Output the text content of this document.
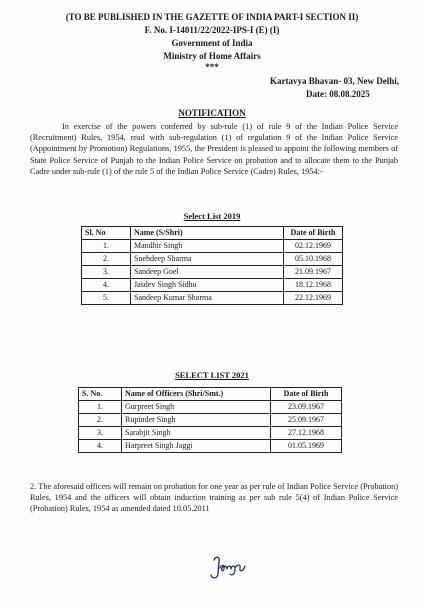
(TO BE PUBLISHED IN THE GAZETTE OF INDIA PART-I SECTION II)
F. No. I-14011/22/2022-IPS-I (E) (I)
Government of India
Ministry of Home Affairs
***
Kartavya Bhavan- 03, New Delhi,
Date: 08.08.2025
NOTIFICATION

In exercise of the powers conferred by sub-rule (1) of rule 9 of the Indian Police Service (Recruitment) Rules, 1954, read with sub-regulation (1) of regulation 9 of the Indian Police Service (Appointment by Promotion) Regulations, 1955, the President is pleased to appoint the following members of State Police Service of Punjab to the Indian Police Service on probation and to allocate them to the Punjab Cadre under sub-rule (1) of the rule 5 of the Indian Police Service (Cadre) Rules, 1954:-

Select List 2019
Sl. No	Name (S/Shri)	Date of Birth
1.	Mandhir Singh	02.12.1969
2.	Snehdeep Sharma	05.10.1968
3.	Sandeep Goel	21.09.1967
4.	Jasdev Singh Sidhu	18.12.1968
5.	Sandeep Kumar Sharma	22.12.1969
SELECT LIST 2021
S. No.	Name of Officers (Shri/Smt.)	Date of Birth
1.	Gurpreet Singh	23.09.1967
2.	Rupinder Singh	25.09.1967
3.	Sarabjit Singh	27.12.1968
4.	Harpreet Singh Jaggi	01.05.1969

2. The aforesaid officers will remain on probation for one year as per rule of Indian Police Service (Probation) Rules, 1954 and the officers will obtain induction training as per sub rule 5(4) of Indian Police Service (Probation) Rules, 1954 as amended dated 10.05.2011
